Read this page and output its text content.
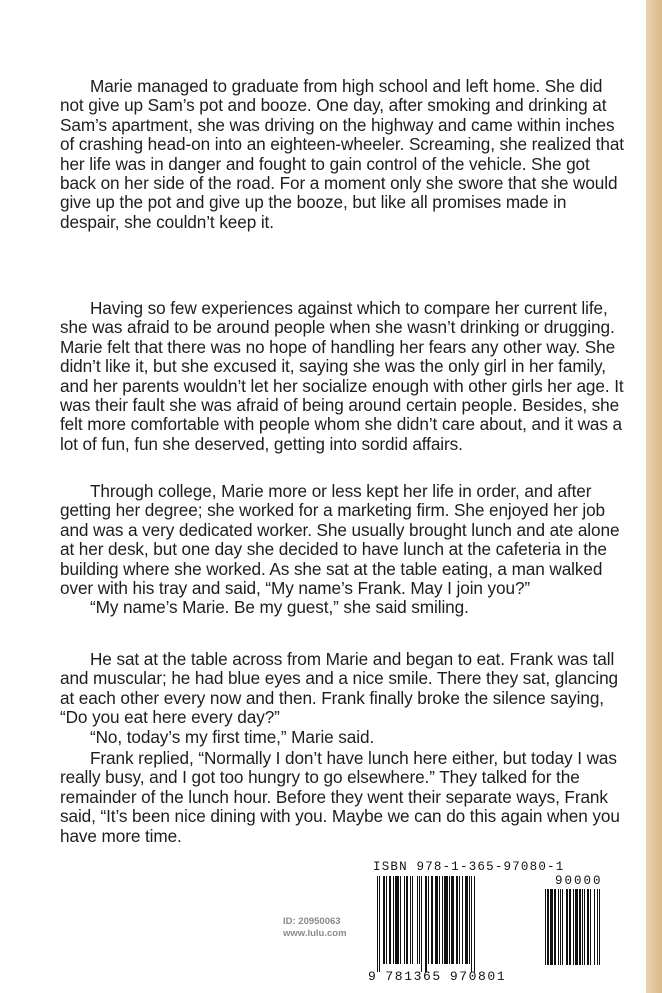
Marie managed to graduate from high school and left home. She did not give up Sam’s pot and booze. One day, after smoking and drinking at Sam’s apartment, she was driving on the highway and came within inches of crashing head-on into an eighteen-wheeler. Screaming, she realized that her life was in danger and fought to gain control of the vehicle. She got back on her side of the road. For a moment only she swore that she would give up the pot and give up the booze, but like all promises made in despair, she couldn’t keep it.

Having so few experiences against which to compare her current life, she was afraid to be around people when she wasn’t drinking or drugging. Marie felt that there was no hope of handling her fears any other way. She didn’t like it, but she excused it, saying she was the only girl in her family, and her parents wouldn’t let her socialize enough with other girls her age. It was their fault she was afraid of being around certain people. Besides, she felt more comfortable with people whom she didn’t care about, and it was a lot of fun, fun she deserved, getting into sordid affairs.

Through college, Marie more or less kept her life in order, and after getting her degree; she worked for a marketing firm. She enjoyed her job and was a very dedicated worker. She usually brought lunch and ate alone at her desk, but one day she decided to have lunch at the cafeteria in the building where she worked. As she sat at the table eating, a man walked over with his tray and said, “My name’s Frank. May I join you?”

“My name’s Marie. Be my guest,” she said smiling.

He sat at the table across from Marie and began to eat. Frank was tall and muscular; he had blue eyes and a nice smile. There they sat, glancing at each other every now and then. Frank finally broke the silence saying, “Do you eat here every day?”

“No, today’s my first time,” Marie said.

Frank replied, “Normally I don’t have lunch here either, but today I was really busy, and I got too hungry to go elsewhere.” They talked for the remainder of the lunch hour. Before they went their separate ways, Frank said, “It’s been nice dining with you. Maybe we can do this again when you have more time.

ID: 20950063
www.lulu.com
ISBN 978-1-365-97080-1
90000
9 781365 970801
